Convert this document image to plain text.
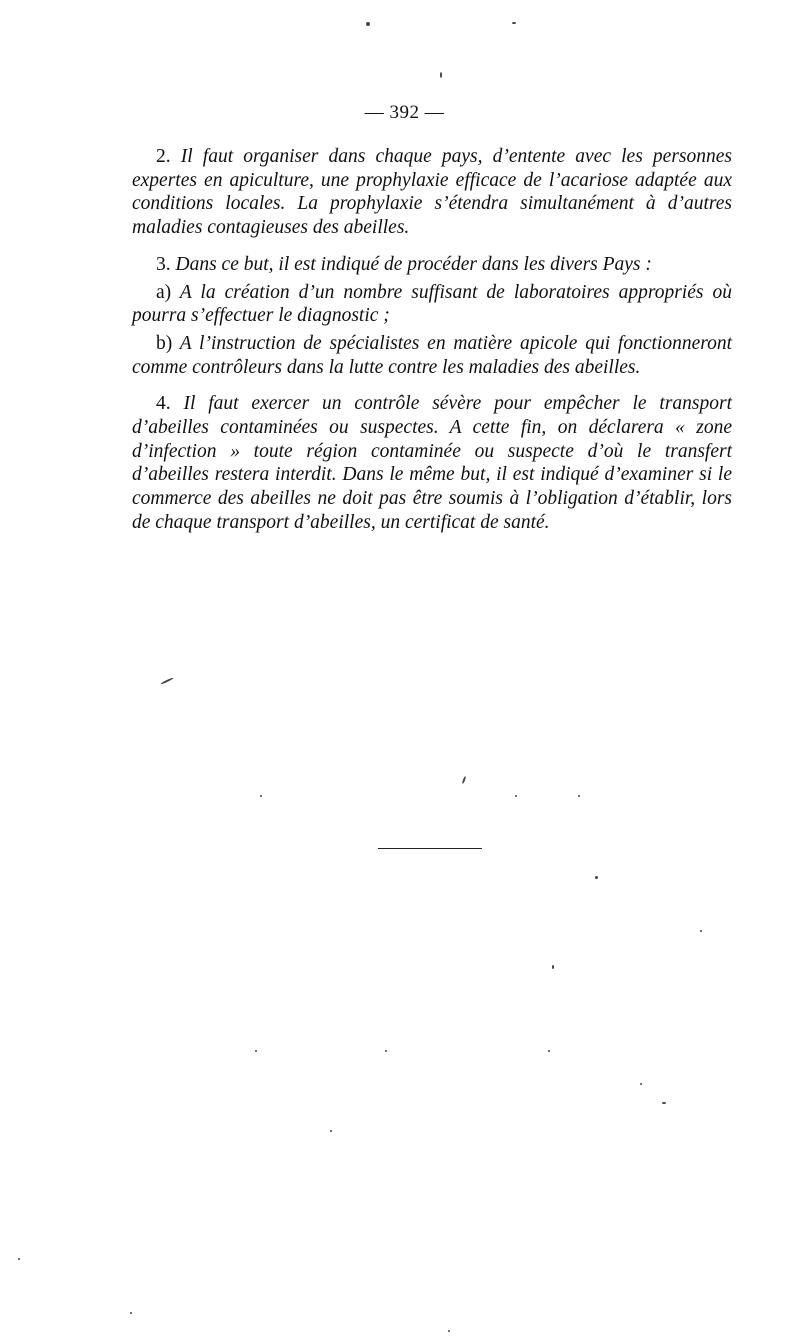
— 392 —

2. Il faut organiser dans chaque pays, d’entente avec les personnes expertes en apiculture, une prophylaxie efficace de l’acariose adaptée aux conditions locales. La prophylaxie s’étendra simultanément à d’autres maladies contagieuses des abeilles.

3. Dans ce but, il est indiqué de procéder dans les divers Pays :

a) A la création d’un nombre suffisant de laboratoires appropriés où pourra s’effectuer le diagnostic ;

b) A l’instruction de spécialistes en matière apicole qui fonctionneront comme contrôleurs dans la lutte contre les maladies des abeilles.

4. Il faut exercer un contrôle sévère pour empêcher le transport d’abeilles contaminées ou suspectes. A cette fin, on déclarera « zone d’infection » toute région contaminée ou suspecte d’où le transfert d’abeilles restera interdit. Dans le même but, il est indiqué d’examiner si le commerce des abeilles ne doit pas être soumis à l’obligation d’établir, lors de chaque transport d’abeilles, un certificat de santé.
